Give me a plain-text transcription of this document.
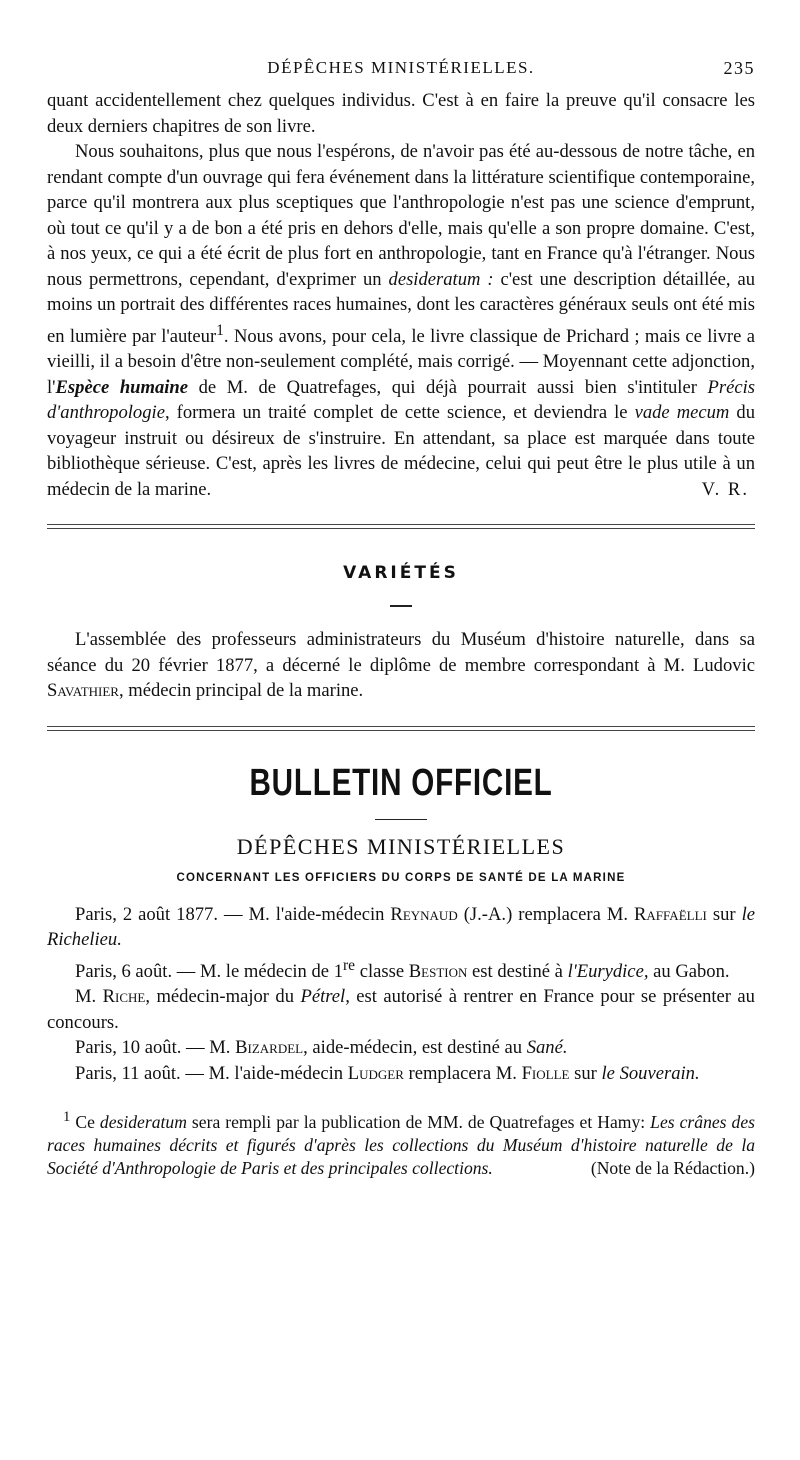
DÉPÊCHES MINISTÉRIELLES.	235

quant accidentellement chez quelques individus. C'est à en faire la preuve qu'il consacre les deux derniers chapitres de son livre.

Nous souhaitons, plus que nous l'espérons, de n'avoir pas été au-dessous de notre tâche, en rendant compte d'un ouvrage qui fera événement dans la littérature scientifique contemporaine, parce qu'il montrera aux plus sceptiques que l'anthropologie n'est pas une science d'emprunt, où tout ce qu'il y a de bon a été pris en dehors d'elle, mais qu'elle a son propre domaine. C'est, à nos yeux, ce qui a été écrit de plus fort en anthropologie, tant en France qu'à l'étranger. Nous nous permettrons, cependant, d'exprimer un desideratum : c'est une description détaillée, au moins un portrait des différentes races humaines, dont les caractères généraux seuls ont été mis en lumière par l'auteur$^1$. Nous avons, pour cela, le livre classique de Prichard ; mais ce livre a vieilli, il a besoin d'être non-seulement complété, mais corrigé. — Moyennant cette adjonction, l'Espèce humaine de M. de Quatrefages, qui déjà pourrait aussi bien s'intituler Précis d'anthropologie, formera un traité complet de cette science, et deviendra le vade mecum du voyageur instruit ou désireux de s'instruire. En attendant, sa place est marquée dans toute bibliothèque sérieuse. C'est, après les livres de médecine, celui qui peut être le plus utile à un médecin de la marine.	V. R.

VARIÉTÉS

L'assemblée des professeurs administrateurs du Muséum d'histoire naturelle, dans sa séance du 20 février 1877, a décerné le diplôme de membre correspondant à M. Ludovic Savathier, médecin principal de la marine.

BULLETIN OFFICIEL
DÉPÊCHES MINISTÉRIELLES
CONCERNANT LES OFFICIERS DU CORPS DE SANTÉ DE LA MARINE

Paris, 2 août 1877. — M. l'aide-médecin Reynaud (J.-A.) remplacera M. Raffaëlli sur le Richelieu.

Paris, 6 août. — M. le médecin de 1re classe Bestion est destiné à l'Eurydice, au Gabon.

M. Riche, médecin-major du Pétrel, est autorisé à rentrer en France pour se présenter au concours.

Paris, 10 août. — M. Bizardel, aide-médecin, est destiné au Sané.

Paris, 11 août. — M. l'aide-médecin Ludger remplacera M. Fiolle sur le Souverain.

$^1$ Ce desideratum sera rempli par la publication de MM. de Quatrefages et Hamy: Les crânes des races humaines décrits et figurés d'après les collections du Muséum d'histoire naturelle de la Société d'Anthropologie de Paris et des principales collections.	(Note de la Rédaction.)
